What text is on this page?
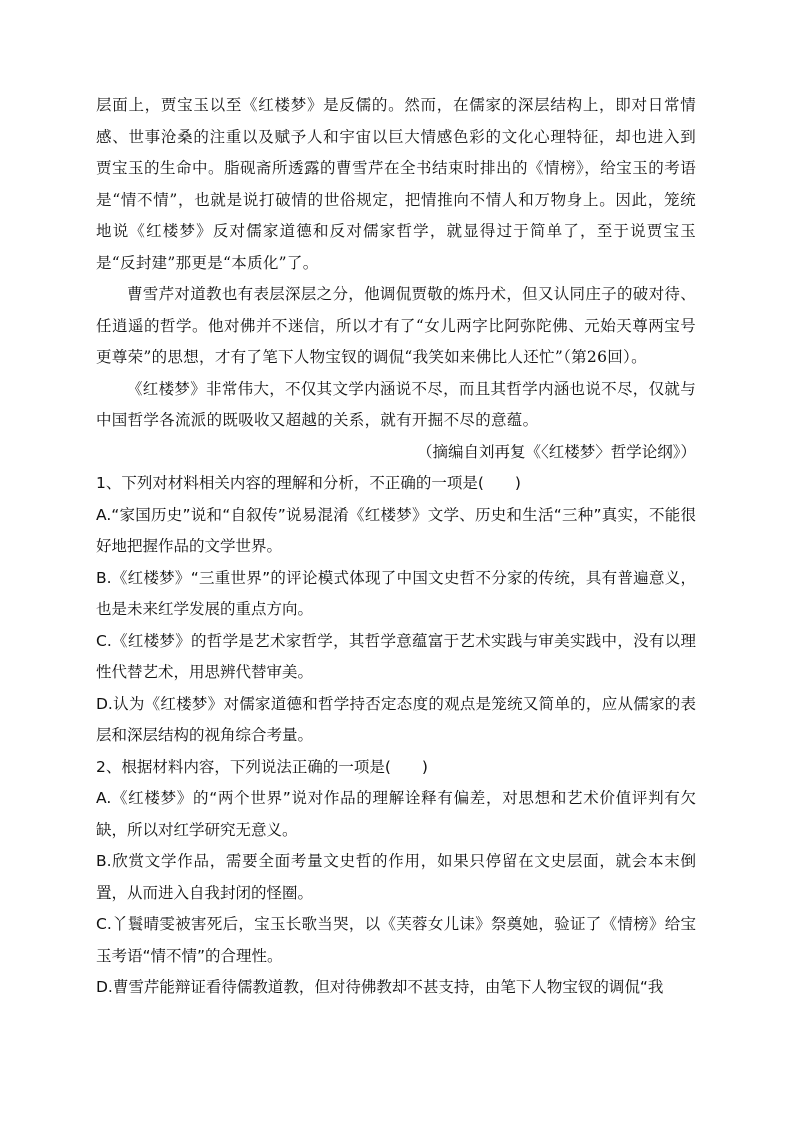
层面上，贾宝玉以至《红楼梦》是反儒的。然而，在儒家的深层结构上，即对日常情感、世事沧桑的注重以及赋予人和宇宙以巨大情感色彩的文化心理特征，却也进入到贾宝玉的生命中。脂砚斋所透露的曹雪芹在全书结束时排出的《情榜》，给宝玉的考语是“情不情”，也就是说打破情的世俗规定，把情推向不情人和万物身上。因此，笼统地说《红楼梦》反对儒家道德和反对儒家哲学，就显得过于简单了，至于说贾宝玉是“反封建”那更是“本质化”了。

曹雪芹对道教也有表层深层之分，他调侃贾敬的炼丹术，但又认同庄子的破对待、任逍遥的哲学。他对佛并不迷信，所以才有了“女儿两字比阿弥陀佛、元始天尊两宝号更尊荣”的思想，才有了笔下人物宝钗的调侃“我笑如来佛比人还忙”（第26回）。

《红楼梦》非常伟大，不仅其文学内涵说不尽，而且其哲学内涵也说不尽，仅就与中国哲学各流派的既吸收又超越的关系，就有开掘不尽的意蕴。

（摘编自刘再复《〈红楼梦〉哲学论纲》）

1、下列对材料相关内容的理解和分析，不正确的一项是(　　)

A.“家国历史”说和“自叙传”说易混淆《红楼梦》文学、历史和生活“三种”真实，不能很好地把握作品的文学世界。

B.《红楼梦》“三重世界”的评论模式体现了中国文史哲不分家的传统，具有普遍意义，也是未来红学发展的重点方向。

C.《红楼梦》的哲学是艺术家哲学，其哲学意蕴富于艺术实践与审美实践中，没有以理性代替艺术，用思辨代替审美。

D.认为《红楼梦》对儒家道德和哲学持否定态度的观点是笼统又简单的，应从儒家的表层和深层结构的视角综合考量。

2、根据材料内容，下列说法正确的一项是(　　)

A.《红楼梦》的“两个世界”说对作品的理解诠释有偏差，对思想和艺术价值评判有欠缺，所以对红学研究无意义。

B.欣赏文学作品，需要全面考量文史哲的作用，如果只停留在文史层面，就会本末倒置，从而进入自我封闭的怪圈。

C.丫鬟晴雯被害死后，宝玉长歌当哭，以《芙蓉女儿诔》祭奠她，验证了《情榜》给宝玉考语“情不情”的合理性。

D.曹雪芹能辩证看待儒教道教，但对待佛教却不甚支持，由笔下人物宝钗的调侃“我
